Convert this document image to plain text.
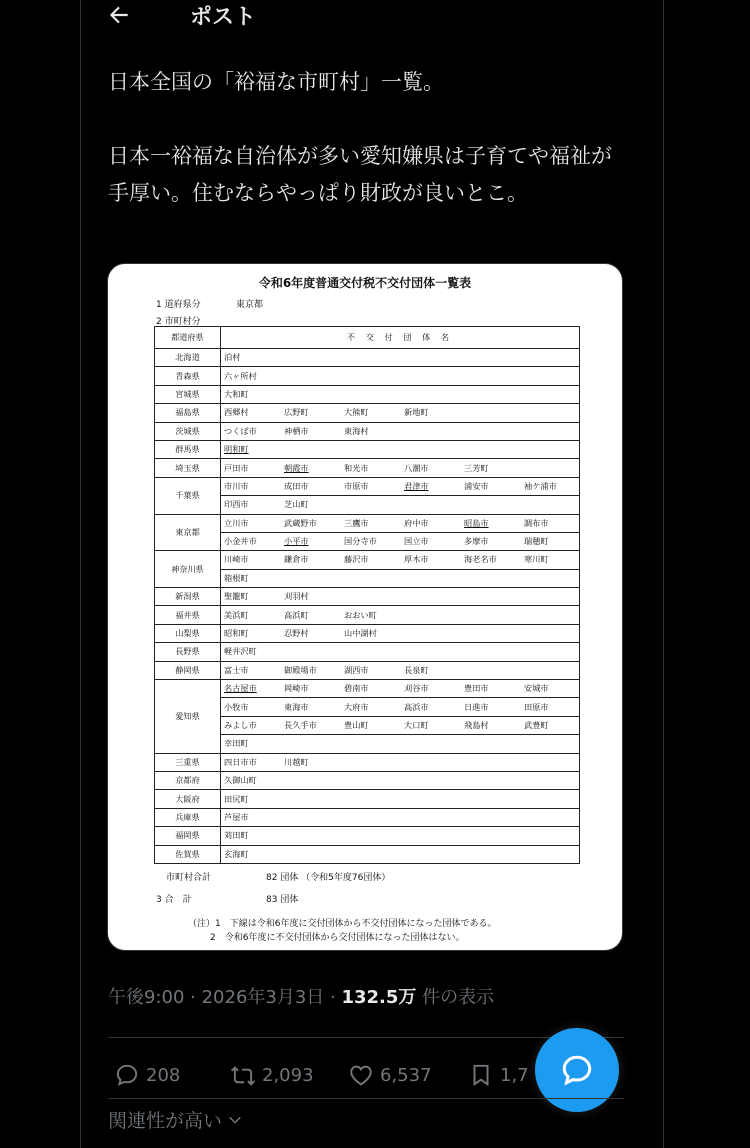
ポスト
日本全国の「裕福な市町村」一覧。

日本一裕福な自治体が多い愛知嫌県は子育てや福祉が手厚い。住むならやっぱり財政が良いとこ。
令和6年度普通交付税不交付団体一覧表
1 道府県分	東京都
2 市町村分
都道府県	不 交 付 団 体 名
北海道	泊村
青森県	六ヶ所村
宮城県	大和町
福島県	西郷村 広野町 大熊町 新地町
茨城県	つくば市 神栖市 東海村
群馬県	明和町
埼玉県	戸田市 朝霞市 和光市 八潮市 三芳町
千葉県	市川市 成田市 市原市 君津市 浦安市 袖ケ浦市
	印西市 芝山町
東京都	立川市 武蔵野市 三鷹市 府中市 昭島市 調布市
	小金井市 小平市 国分寺市 国立市 多摩市 瑞穂町
神奈川県	川崎市 鎌倉市 藤沢市 厚木市 海老名市 寒川町
	箱根町
新潟県	聖籠町 刈羽村
福井県	美浜町 高浜町 おおい町
山梨県	昭和町 忍野村 山中湖村
長野県	軽井沢町
静岡県	富士市 御殿場市 湖西市 長泉町
愛知県	名古屋市 岡崎市 碧南市 刈谷市 豊田市 安城市
	小牧市 東海市 大府市 高浜市 日進市 田原市
	みよし市 長久手市 豊山町 大口町 飛島村 武豊町
	幸田町
三重県	四日市市 川越町
京都府	久御山町
大阪府	田尻町
兵庫県	芦屋市
福岡県	苅田町
佐賀県	玄海町
市町村合計	82 団体 （令和5年度76団体）
3 合　計	83 団体
（注）1　下線は令和6年度に交付団体から不交付団体になった団体である。
2　令和6年度に不交付団体から交付団体になった団体はない。
午後9:00 · 2026年3月3日 · 132.5万 件の表示
208	2,093	6,537	1,7
関連性が高い
